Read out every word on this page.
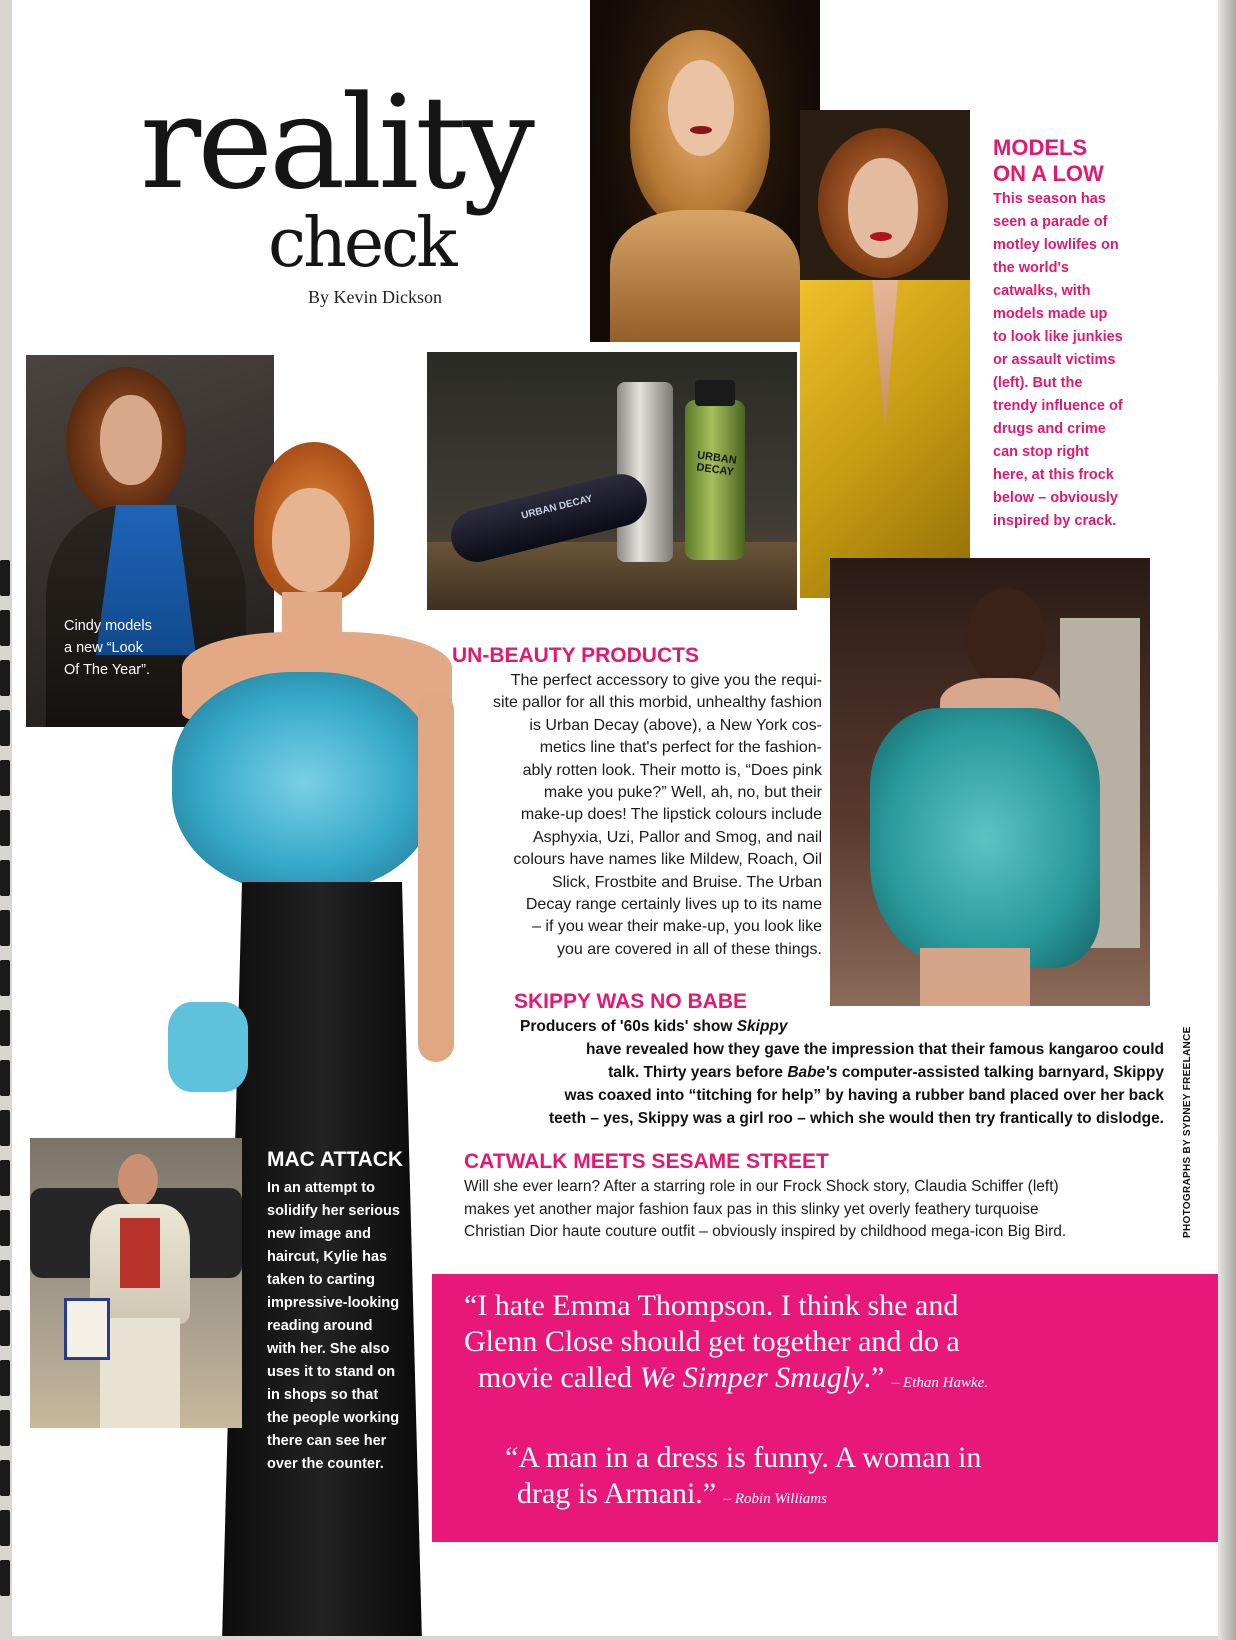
reality
check
By Kevin Dickson
MODELS
ON A LOW
This season has
seen a parade of
motley lowlifes on
the world's
catwalks, with
models made up
to look like junkies
or assault victims
(left). But the
trendy influence of
drugs and crime
can stop right
here, at this frock
below – obviously
inspired by crack.
Cindy models
a new “Look
Of The Year”.
URBAN DECAY
URBAN DECAY
UN-BEAUTY PRODUCTS
The perfect accessory to give you the requi-
site pallor for all this morbid, unhealthy fashion
is Urban Decay (above), a New York cos-
metics line that's perfect for the fashion-
ably rotten look. Their motto is, “Does pink
make you puke?” Well, ah, no, but their
make-up does! The lipstick colours include
Asphyxia, Uzi, Pallor and Smog, and nail
colours have names like Mildew, Roach, Oil
Slick, Frostbite and Bruise. The Urban
Decay range certainly lives up to its name
– if you wear their make-up, you look like
you are covered in all of these things.
SKIPPY WAS NO BABE
Producers of '60s kids' show Skippy
have revealed how they gave the impression that their famous kangaroo could
talk. Thirty years before Babe's computer-assisted talking barnyard, Skippy
was coaxed into “titching for help” by having a rubber band placed over her back
teeth – yes, Skippy was a girl roo – which she would then try frantically to dislodge.
MAC ATTACK
In an attempt to
solidify her serious
new image and
haircut, Kylie has
taken to carting
impressive-looking
reading around
with her. She also
uses it to stand on
in shops so that
the people working
there can see her
over the counter.
CATWALK MEETS SESAME STREET
Will she ever learn? After a starring role in our Frock Shock story, Claudia Schiffer (left)
makes yet another major fashion faux pas in this slinky yet overly feathery turquoise
Christian Dior haute couture outfit – obviously inspired by childhood mega-icon Big Bird.	PHOTOGRAPHS BY SYDNEY FREELANCE
“I hate Emma Thompson. I think she and
Glenn Close should get together and do a
movie called We Simper Smugly.” – Ethan Hawke.
“A man in a dress is funny. A woman in
drag is Armani.” – Robin Williams
